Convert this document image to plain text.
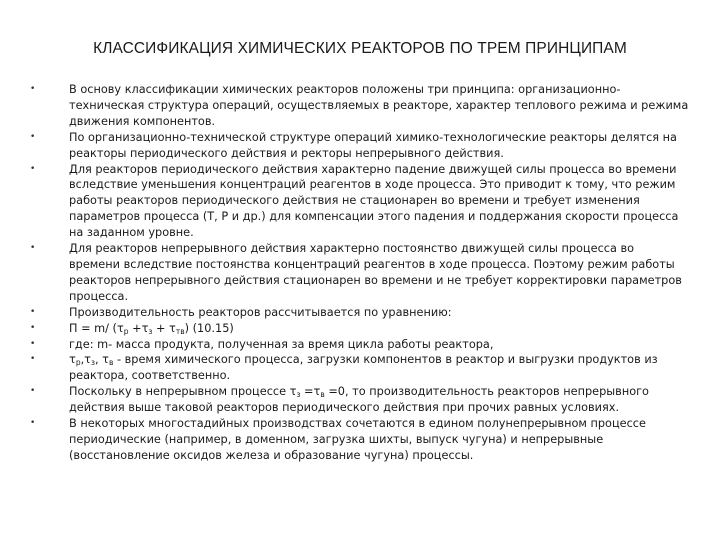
КЛАССИФИКАЦИЯ ХИМИЧЕСКИХ РЕАКТОРОВ ПО ТРЕМ ПРИНЦИПАМ
•	В основу классификации химических реакторов положены три принципа: организационно-
техническая структура операций, осуществляемых в реакторе, характер теплового режима и режима
движения компонентов.
•	По организационно-технической структуре операций химико-технологические реакторы делятся на
реакторы периодического действия и ректоры непрерывного действия.
•	Для реакторов периодического действия характерно падение движущей силы процесса во времени
вследствие уменьшения концентраций реагентов в ходе процесса. Это приводит к тому, что режим
работы реакторов периодического действия не стационарен во времени и требует изменения
параметров процесса (Т, Р и др.) для компенсации этого падения и поддержания скорости процесса
на заданном уровне.
•	Для реакторов непрерывного действия характерно постоянство движущей силы процесса во
времени вследствие постоянства концентраций реагентов в ходе процесса. Поэтому режим работы
реакторов непрерывного действия стационарен во времени и не требует корректировки параметров
процесса.
•	Производительность реакторов рассчитывается по уравнению:
•	П = m/ $(\tau_р +\tau_з + \tau_{тв})$ (10.15)
•	где: m- масса продукта, полученная за время цикла работы реактора,
•	$\tau_р,\tau_з$, $\tau_в$ - время химического процесса, загрузки компонентов в реактор и выгрузки продуктов из
реактора, соответственно.
•	Поскольку в непрерывном процессе $\tau_з =\tau_в =0$, то производительность реакторов непрерывного
действия выше таковой реакторов периодического действия при прочих равных условиях.
•	В некоторых многостадийных производствах сочетаются в едином полунепрерывном процессе
периодические (например, в доменном, загрузка шихты, выпуск чугуна) и непрерывные
(восстановление оксидов железа и образование чугуна) процессы.
